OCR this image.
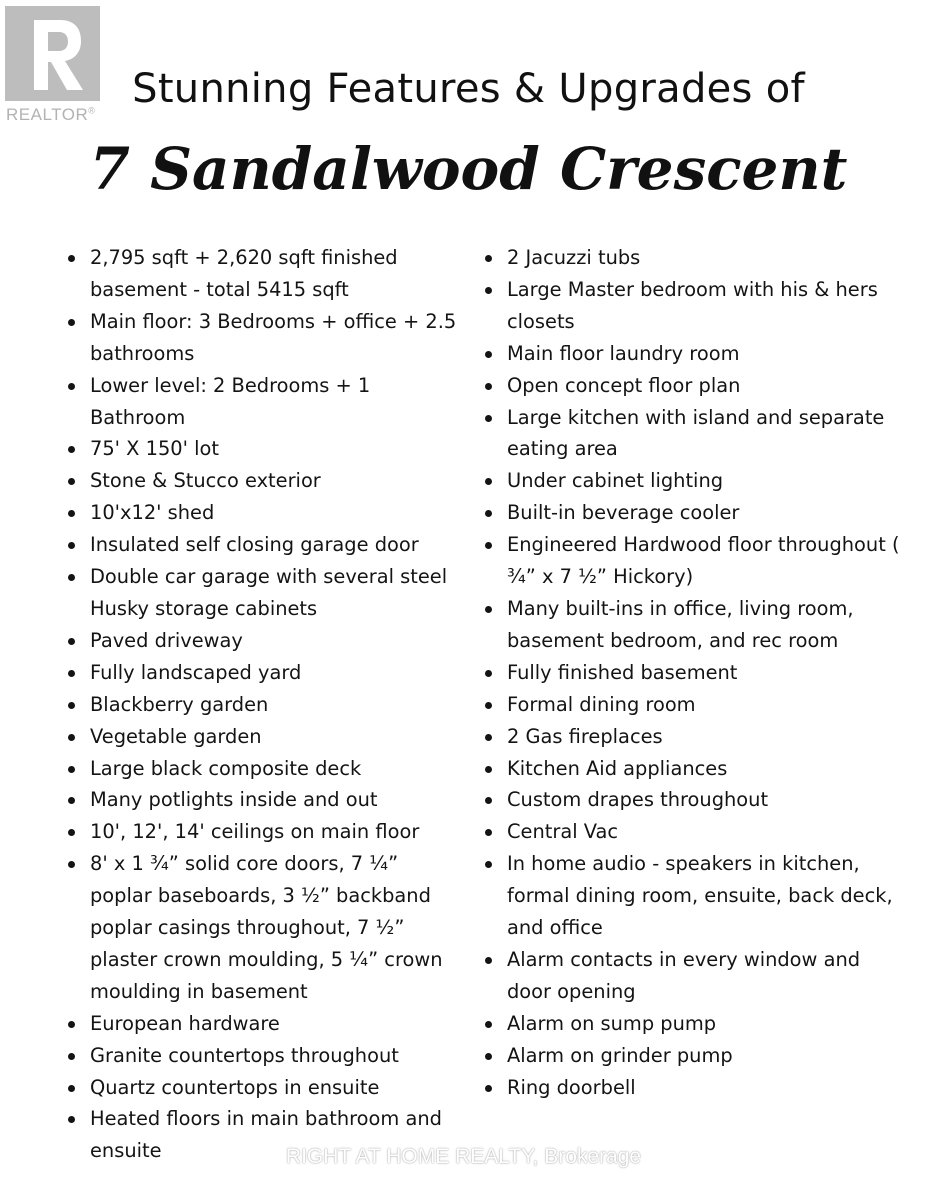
REALTOR® Stunning Features & Upgrades of
7 Sandalwood Crescent
2,795 sqft + 2,620 sqft finished basement - total 5415 sqft
Main floor: 3 Bedrooms + office + 2.5 bathrooms
Lower level: 2 Bedrooms + 1 Bathroom
75' X 150' lot
Stone & Stucco exterior
10'x12' shed
Insulated self closing garage door
Double car garage with several steel Husky storage cabinets
Paved driveway
Fully landscaped yard
Blackberry garden
Vegetable garden
Large black composite deck
Many potlights inside and out
10', 12', 14' ceilings on main floor
8' x 1 ¾” solid core doors, 7 ¼” poplar baseboards, 3 ½” backband poplar casings throughout, 7 ½” plaster crown moulding, 5 ¼” crown moulding in basement
European hardware
Granite countertops throughout
Quartz countertops in ensuite
Heated floors in main bathroom and ensuite
2 Jacuzzi tubs
Large Master bedroom with his & hers closets
Main floor laundry room
Open concept floor plan
Large kitchen with island and separate eating area
Under cabinet lighting
Built-in beverage cooler
Engineered Hardwood floor throughout ( ¾” x 7 ½” Hickory)
Many built-ins in office, living room, basement bedroom, and rec room
Fully finished basement
Formal dining room
2 Gas fireplaces
Kitchen Aid appliances
Custom drapes throughout
Central Vac
In home audio - speakers in kitchen, formal dining room, ensuite, back deck, and office
Alarm contacts in every window and door opening
Alarm on sump pump
Alarm on grinder pump
Ring doorbell
RIGHT AT HOME REALTY, Brokerage
